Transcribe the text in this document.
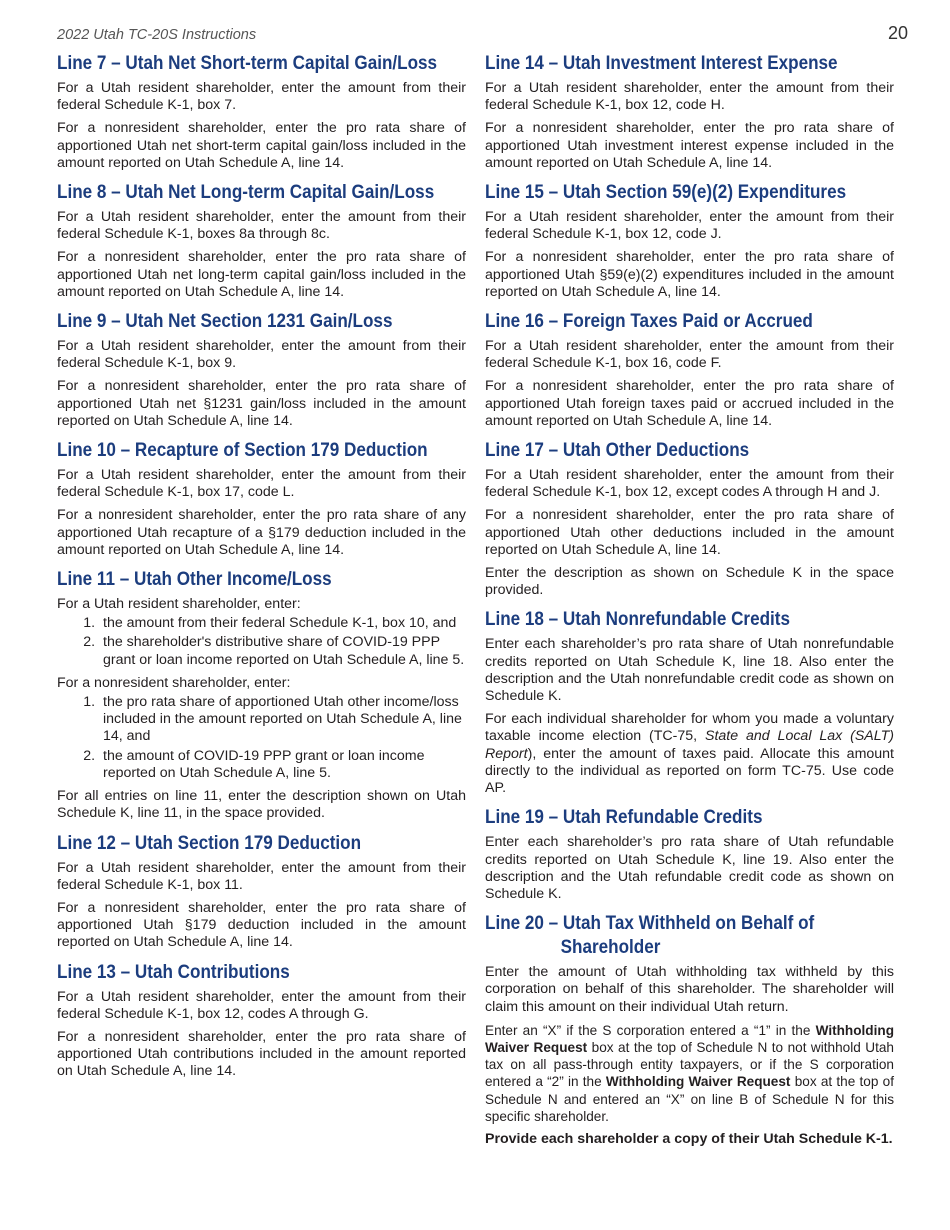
2022 Utah TC-20S Instructions	20
Line 7 – Utah Net Short-term Capital Gain/Loss

For a Utah resident shareholder, enter the amount from their federal Schedule K-1, box 7.

For a nonresident shareholder, enter the pro rata share of apportioned Utah net short-term capital gain/loss included in the amount reported on Utah Schedule A, line 14.

Line 8 – Utah Net Long-term Capital Gain/Loss

For a Utah resident shareholder, enter the amount from their federal Schedule K-1, boxes 8a through 8c.

For a nonresident shareholder, enter the pro rata share of apportioned Utah net long-term capital gain/loss included in the amount reported on Utah Schedule A, line 14.

Line 9 – Utah Net Section 1231 Gain/Loss

For a Utah resident shareholder, enter the amount from their federal Schedule K-1, box 9.

For a nonresident shareholder, enter the pro rata share of apportioned Utah net §1231 gain/loss included in the amount reported on Utah Schedule A, line 14.

Line 10 – Recapture of Section 179 Deduction

For a Utah resident shareholder, enter the amount from their federal Schedule K-1, box 17, code L.

For a nonresident shareholder, enter the pro rata share of any apportioned Utah recapture of a §179 deduction included in the amount reported on Utah Schedule A, line 14.

Line 11 – Utah Other Income/Loss

For a Utah resident shareholder, enter:

1. the amount from their federal Schedule K-1, box 10, and
2. the shareholder's distributive share of COVID-19 PPP grant or loan income reported on Utah Schedule A, line 5.

For a nonresident shareholder, enter:

1. the pro rata share of apportioned Utah other income/loss included in the amount reported on Utah Schedule A, line 14, and
2. the amount of COVID-19 PPP grant or loan income reported on Utah Schedule A, line 5.

For all entries on line 11, enter the description shown on Utah Schedule K, line 11, in the space provided.

Line 12 – Utah Section 179 Deduction

For a Utah resident shareholder, enter the amount from their federal Schedule K-1, box 11.

For a nonresident shareholder, enter the pro rata share of apportioned Utah §179 deduction included in the amount reported on Utah Schedule A, line 14.

Line 13 – Utah Contributions

For a Utah resident shareholder, enter the amount from their federal Schedule K-1, box 12, codes A through G.

For a nonresident shareholder, enter the pro rata share of apportioned Utah contributions included in the amount reported on Utah Schedule A, line 14.

Line 14 – Utah Investment Interest Expense

For a Utah resident shareholder, enter the amount from their federal Schedule K-1, box 12, code H.

For a nonresident shareholder, enter the pro rata share of apportioned Utah investment interest expense included in the amount reported on Utah Schedule A, line 14.

Line 15 – Utah Section 59(e)(2) Expenditures

For a Utah resident shareholder, enter the amount from their federal Schedule K-1, box 12, code J.

For a nonresident shareholder, enter the pro rata share of apportioned Utah §59(e)(2) expenditures included in the amount reported on Utah Schedule A, line 14.

Line 16 – Foreign Taxes Paid or Accrued

For a Utah resident shareholder, enter the amount from their federal Schedule K-1, box 16, code F.

For a nonresident shareholder, enter the pro rata share of apportioned Utah foreign taxes paid or accrued included in the amount reported on Utah Schedule A, line 14.

Line 17 – Utah Other Deductions

For a Utah resident shareholder, enter the amount from their federal Schedule K-1, box 12, except codes A through H and J.

For a nonresident shareholder, enter the pro rata share of apportioned Utah other deductions included in the amount reported on Utah Schedule A, line 14.

Enter the description as shown on Schedule K in the space provided.

Line 18 – Utah Nonrefundable Credits

Enter each shareholder’s pro rata share of Utah nonrefundable credits reported on Utah Schedule K, line 18. Also enter the description and the Utah nonrefundable credit code as shown on Schedule K.

For each individual shareholder for whom you made a voluntary taxable income election (TC-75, State and Local Lax (SALT) Report), enter the amount of taxes paid. Allocate this amount directly to the individual as reported on form TC-75. Use code AP.

Line 19 – Utah Refundable Credits

Enter each shareholder’s pro rata share of Utah refundable credits reported on Utah Schedule K, line 19. Also enter the description and the Utah refundable credit code as shown on Schedule K.

Line 20 – Utah Tax Withheld on Behalf of
Shareholder

Enter the amount of Utah withholding tax withheld by this corporation on behalf of this shareholder. The shareholder will claim this amount on their individual Utah return.

Enter an “X” if the S corporation entered a “1” in the Withholding Waiver Request box at the top of Schedule N to not withhold Utah tax on all pass-through entity taxpayers, or if the S corporation entered a “2” in the Withholding Waiver Request box at the top of Schedule N and entered an “X” on line B of Schedule N for this specific shareholder.

Provide each shareholder a copy of their Utah Schedule K-1.
